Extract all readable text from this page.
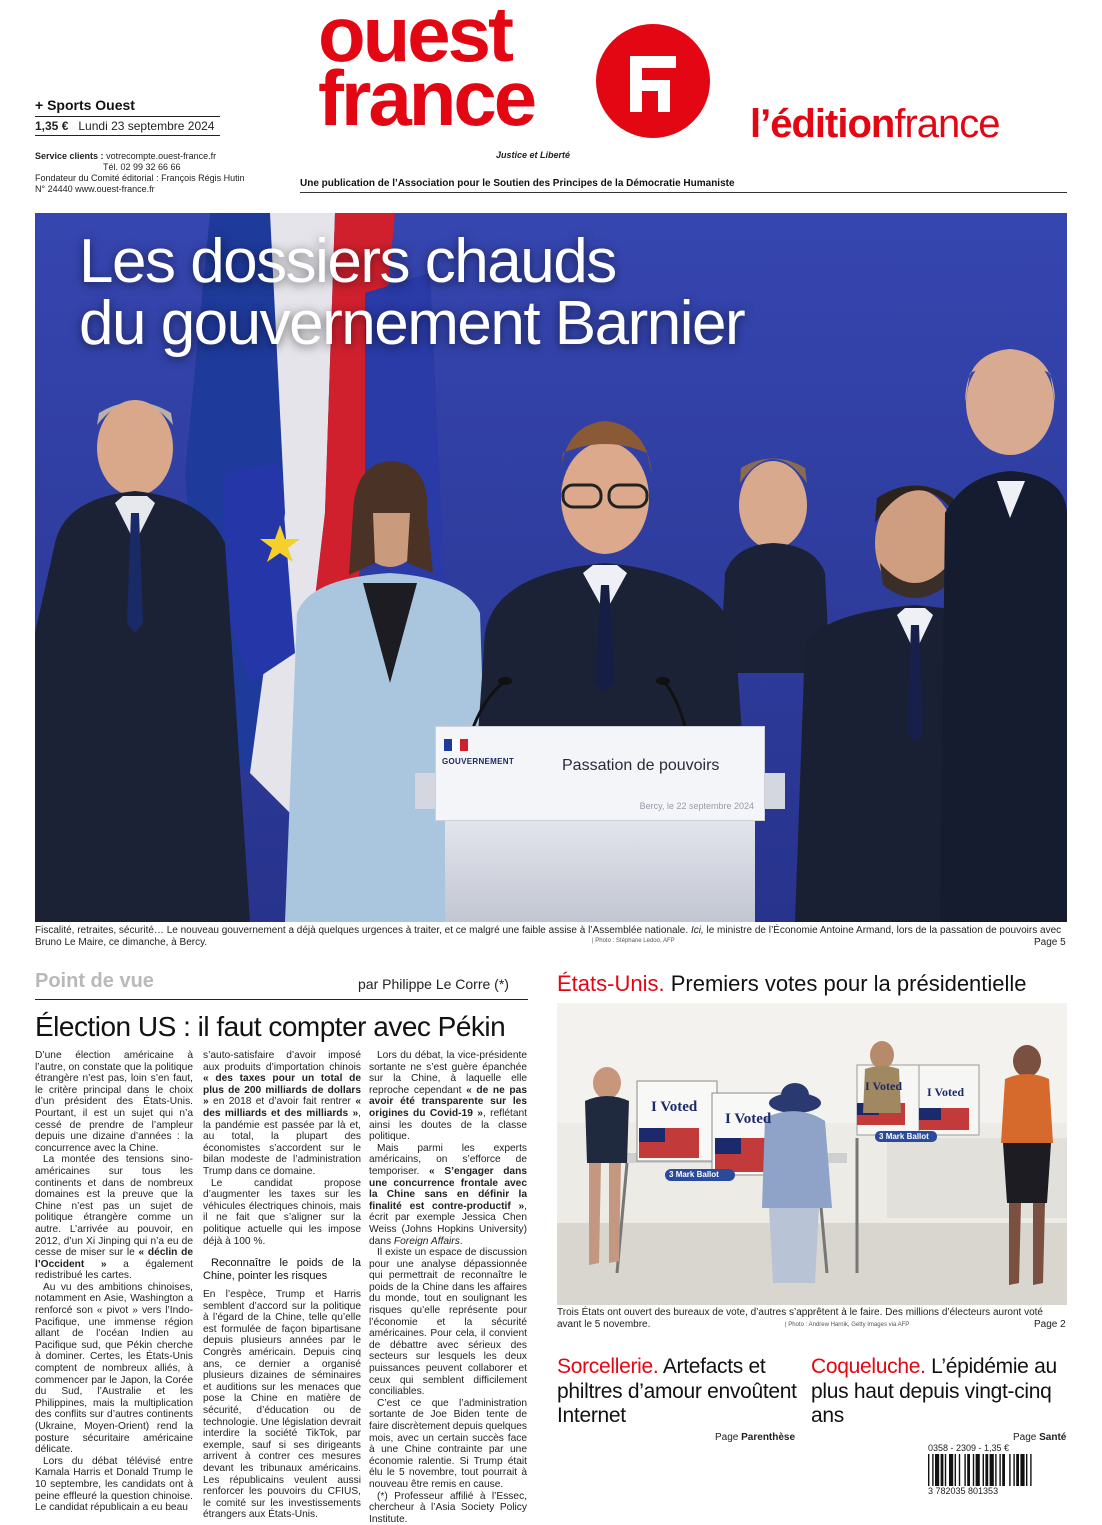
+ Sports Ouest
1,35 € Lundi 23 septembre 2024
Service clients : votrecompte.ouest-france.fr
Tél. 02 99 32 66 66
Fondateur du Comité éditorial : François Régis Hutin
N° 24440 www.ouest-france.fr
ouest
france
Justice et Liberté
l’éditionfrance
Une publication de l’Association pour le Soutien des Principes de la Démocratie Humaniste
Les dossiers chauds
du gouvernement Barnier
GOUVERNEMENT	Passation de pouvoirs
Bercy, le 22 septembre 2024
Fiscalité, retraites, sécurité… Le nouveau gouvernement a déjà quelques urgences à traiter, et ce malgré une faible assise à l’Assemblée nationale. Ici, le ministre de l’Économie Antoine Armand, lors de la passation de pouvoirs avec Bruno Le Maire, ce dimanche, à Bercy.	| Photo : Stéphane Ledoo, AFP	Page 5
Point de vue	par Philippe Le Corre (*)
Élection US : il faut compter avec Pékin

D’une élection américaine à l’autre, on constate que la politique étrangère n’est pas, loin s’en faut, le critère principal dans le choix d’un président des États-Unis. Pourtant, il est un sujet qui n’a cessé de prendre de l’ampleur depuis une dizaine d’années : la concurrence avec la Chine.

La montée des tensions sino-américaines sur tous les continents et dans de nombreux domaines est la preuve que la Chine n’est pas un sujet de politique étrangère comme un autre. L’arrivée au pouvoir, en 2012, d’un Xi Jinping qui n’a eu de cesse de miser sur le « déclin de l’Occident » a également redistribué les cartes.

Au vu des ambitions chinoises, notamment en Asie, Washington a renforcé son « pivot » vers l’Indo-Pacifique, une immense région allant de l’océan Indien au Pacifique sud, que Pékin cherche à dominer. Certes, les États-Unis comptent de nombreux alliés, à commencer par le Japon, la Corée du Sud, l’Australie et les Philippines, mais la multiplication des conflits sur d’autres continents (Ukraine, Moyen-Orient) rend la posture sécuritaire américaine délicate.

Lors du débat télévisé entre Kamala Harris et Donald Trump le 10 septembre, les candidats ont à peine effleuré la question chinoise. Le candidat républicain a eu beau

s’auto-satisfaire d’avoir imposé aux produits d’importation chinois « des taxes pour un total de plus de 200 milliards de dollars » en 2018 et d’avoir fait rentrer « des milliards et des milliards », la pandémie est passée par là et, au total, la plupart des économistes s’accordent sur le bilan modeste de l’administration Trump dans ce domaine.

Le candidat propose d’augmenter les taxes sur les véhicules électriques chinois, mais il ne fait que s’aligner sur la politique actuelle qui les impose déjà à 100 %.

Reconnaître le poids de la Chine, pointer les risques

En l’espèce, Trump et Harris semblent d’accord sur la politique à l’égard de la Chine, telle qu’elle est formulée de façon bipartisane depuis plusieurs années par le Congrès américain. Depuis cinq ans, ce dernier a organisé plusieurs dizaines de séminaires et auditions sur les menaces que pose la Chine en matière de sécurité, d’éducation ou de technologie. Une législation devrait interdire la société TikTok, par exemple, sauf si ses dirigeants arrivent à contrer ces mesures devant les tribunaux américains. Les républicains veulent aussi renforcer les pouvoirs du CFIUS, le comité sur les investissements étrangers aux États-Unis.

Lors du débat, la vice-présidente sortante ne s’est guère épanchée sur la Chine, à laquelle elle reproche cependant « de ne pas avoir été transparente sur les origines du Covid-19 », reflétant ainsi les doutes de la classe politique.

Mais parmi les experts américains, on s’efforce de temporiser. « S’engager dans une concurrence frontale avec la Chine sans en définir la finalité est contre-productif », écrit par exemple Jessica Chen Weiss (Johns Hopkins University) dans Foreign Affairs.

Il existe un espace de discussion pour une analyse dépassionnée qui permettrait de reconnaître le poids de la Chine dans les affaires du monde, tout en soulignant les risques qu’elle représente pour l’économie et la sécurité américaines. Pour cela, il convient de débattre avec sérieux des secteurs sur lesquels les deux puissances peuvent collaborer et ceux qui semblent difficilement conciliables.

C’est ce que l’administration sortante de Joe Biden tente de faire discrètement depuis quelques mois, avec un certain succès face à une Chine contrainte par une économie ralentie. Si Trump était élu le 5 novembre, tout pourrait à nouveau être remis en cause.

(*) Professeur affilié à l’Essec, chercheur à l’Asia Society Policy Institute.

États-Unis. Premiers votes pour la présidentielle
I Voted
I Voted
I Voted I Voted
3 Mark Ballot
3 Mark Ballot
Trois États ont ouvert des bureaux de vote, d’autres s’apprêtent à le faire. Des millions d’électeurs auront voté avant le 5 novembre.	| Photo : Andrew Harnik, Getty Images via AFP	Page 2
Sorcellerie. Artefacts et philtres d’amour envoûtent Internet
Page Parenthèse
Coqueluche. L’épidémie au plus haut depuis vingt-cinq ans
Page Santé
0358 - 2309 - 1,35 €
3 782035 801353
